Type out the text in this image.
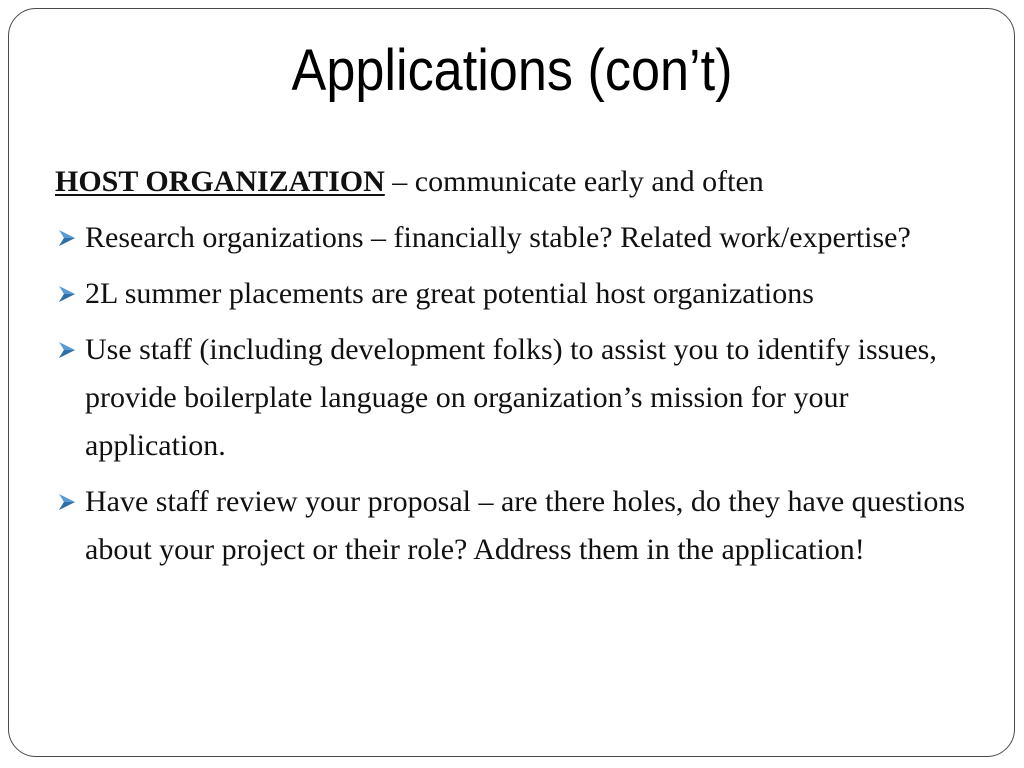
Applications (con’t)
HOST ORGANIZATION – communicate early and often
Research organizations – financially stable? Related work/expertise?
2L summer placements are great potential host organizations
Use staff (including development folks) to assist you to identify issues, provide boilerplate language on organization’s mission for your application.
Have staff review your proposal – are there holes, do they have questions about your project or their role? Address them in the application!
